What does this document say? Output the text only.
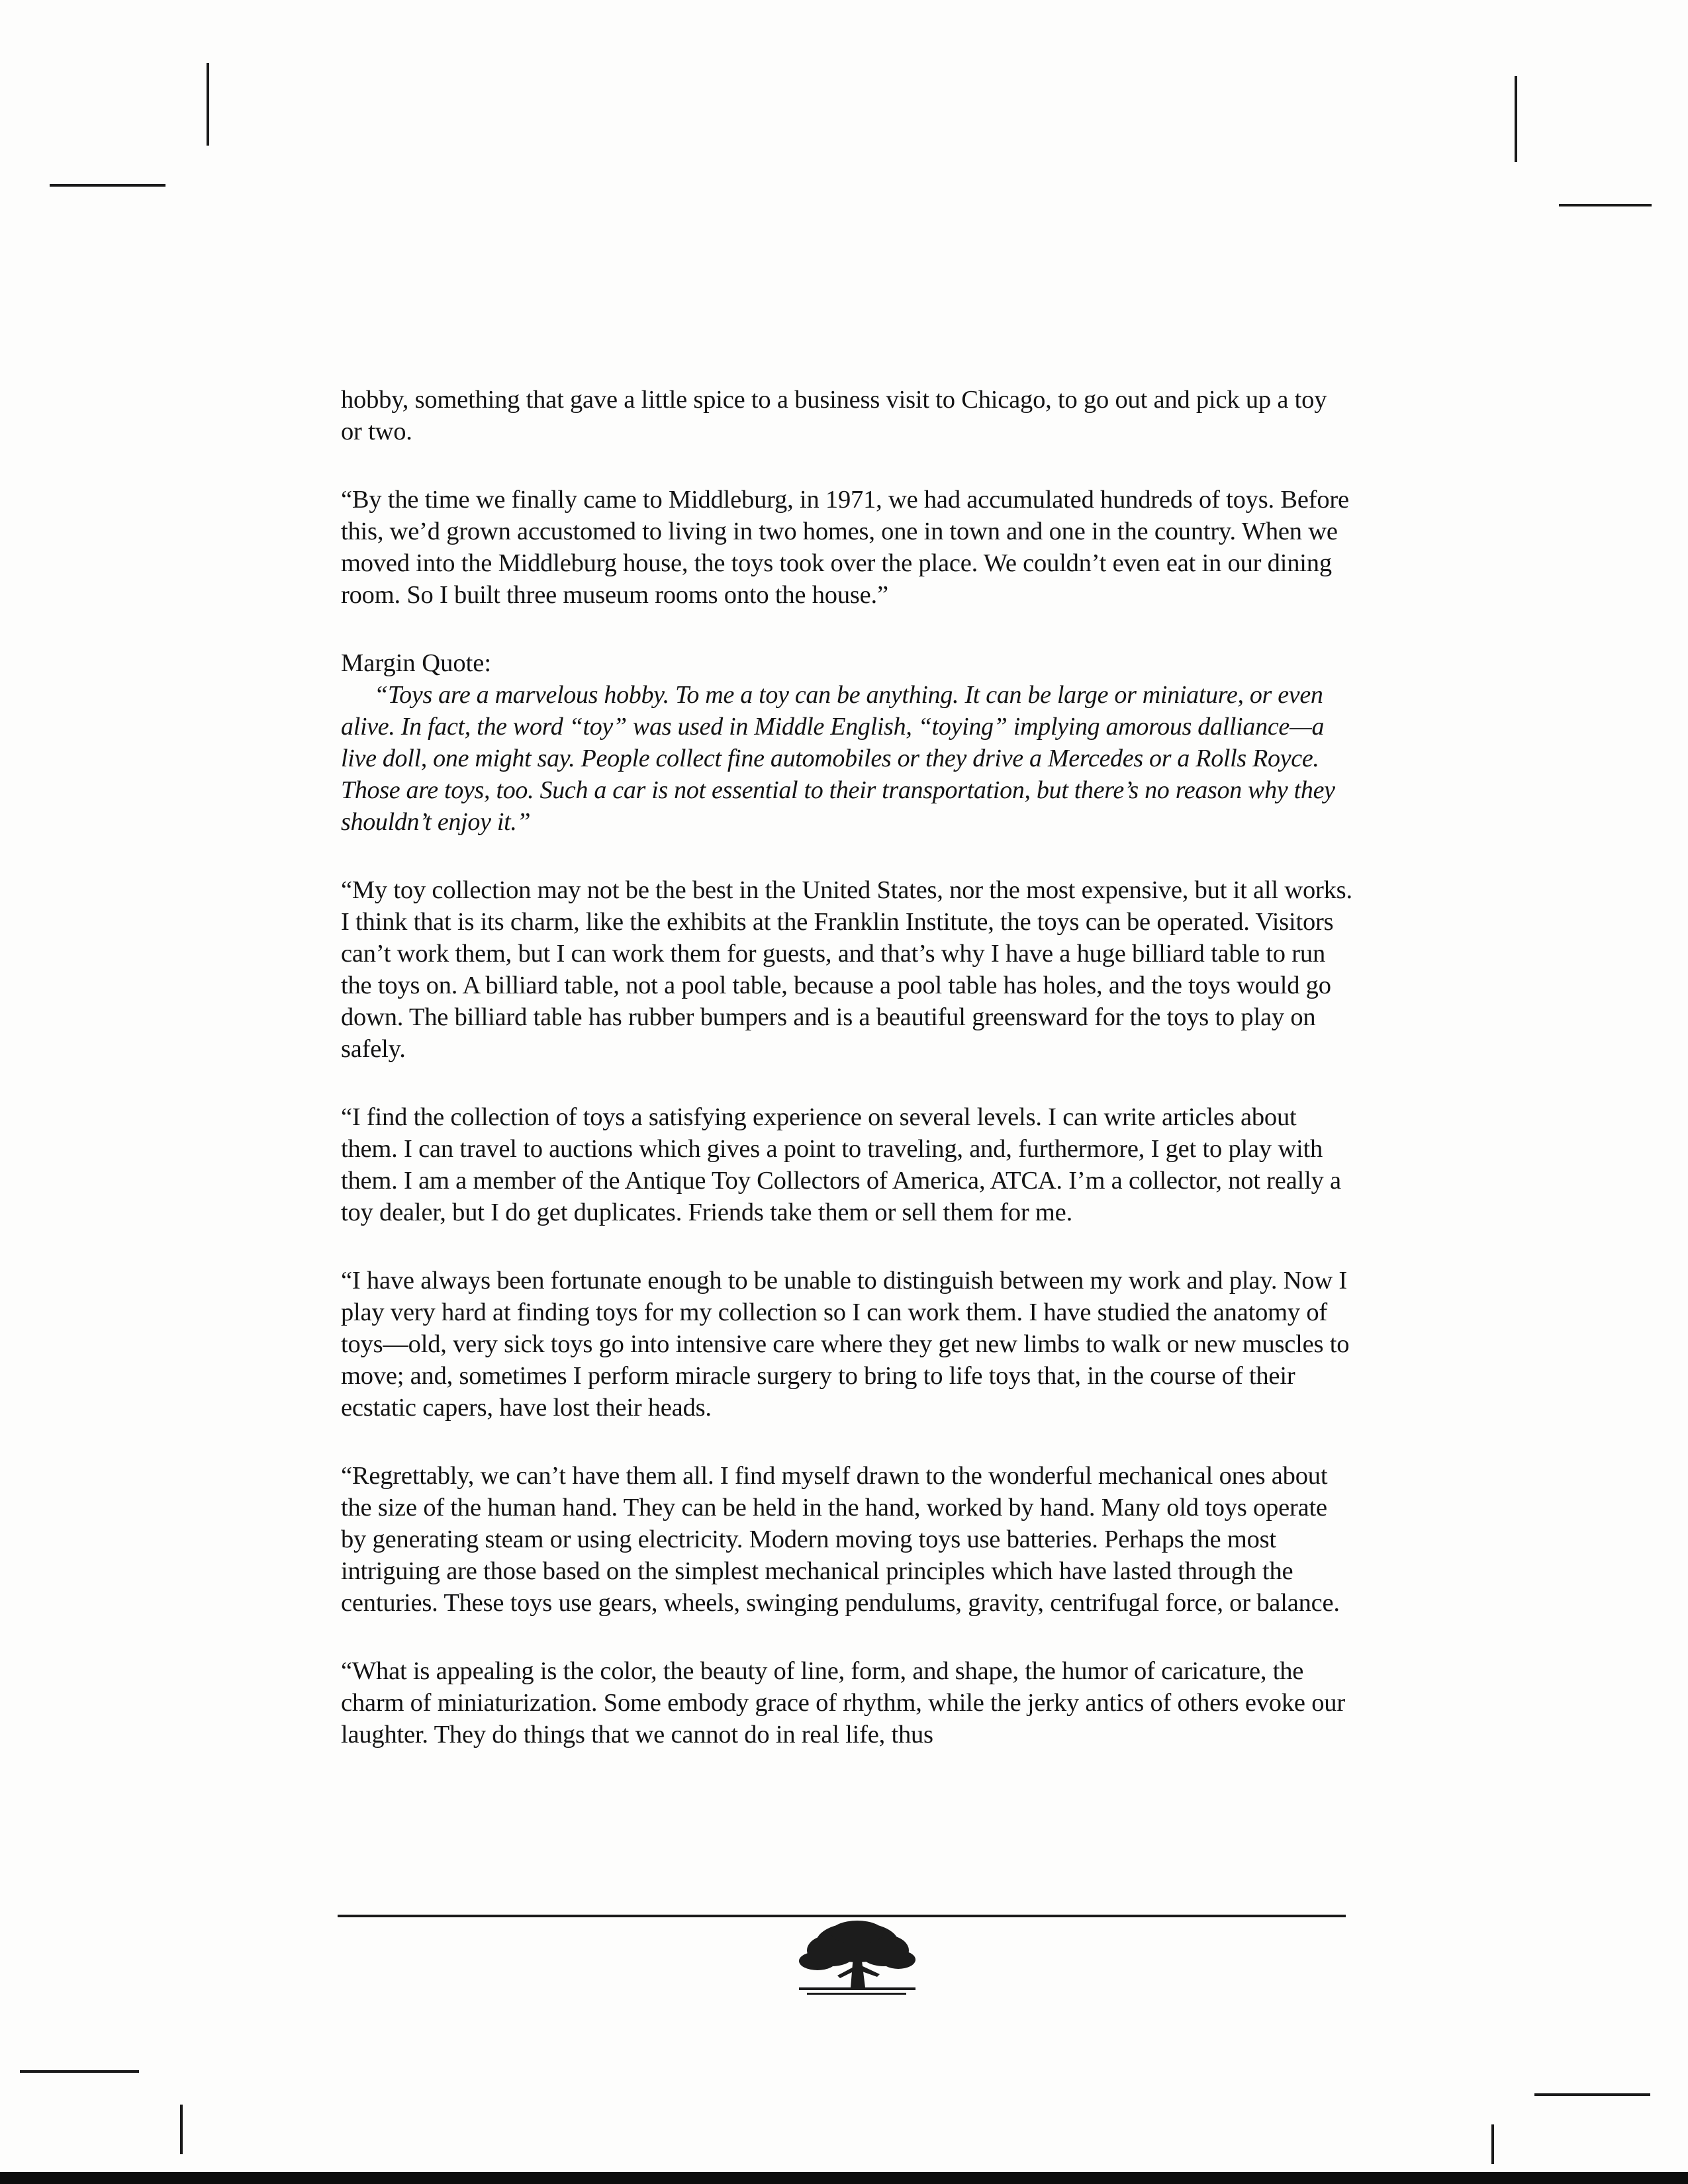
hobby, something that gave a little spice to a business visit to Chicago, to go out and pick up a toy or two.

“By the time we finally came to Middleburg, in 1971, we had accumulated hundreds of toys. Before this, we’d grown accustomed to living in two homes, one in town and one in the country. When we moved into the Middleburg house, the toys took over the place. We couldn’t even eat in our dining room. So I built three museum rooms onto the house.”

Margin Quote:

“Toys are a marvelous hobby. To me a toy can be anything. It can be large or miniature, or even alive. In fact, the word “toy” was used in Middle English, “toying” implying amorous dalliance—a live doll, one might say. People collect fine automobiles or they drive a Mercedes or a Rolls Royce. Those are toys, too. Such a car is not essential to their transportation, but there’s no reason why they shouldn’t enjoy it.”

“My toy collection may not be the best in the United States, nor the most expensive, but it all works. I think that is its charm, like the exhibits at the Franklin Institute, the toys can be operated. Visitors can’t work them, but I can work them for guests, and that’s why I have a huge billiard table to run the toys on. A billiard table, not a pool table, because a pool table has holes, and the toys would go down. The billiard table has rubber bumpers and is a beautiful greensward for the toys to play on safely.

“I find the collection of toys a satisfying experience on several levels. I can write articles about them. I can travel to auctions which gives a point to traveling, and, furthermore, I get to play with them. I am a member of the Antique Toy Collectors of America, ATCA. I’m a collector, not really a toy dealer, but I do get duplicates. Friends take them or sell them for me.

“I have always been fortunate enough to be unable to distinguish between my work and play. Now I play very hard at finding toys for my collection so I can work them. I have studied the anatomy of toys—old, very sick toys go into intensive care where they get new limbs to walk or new muscles to move; and, sometimes I perform miracle surgery to bring to life toys that, in the course of their ecstatic capers, have lost their heads.

“Regrettably, we can’t have them all. I find myself drawn to the wonderful mechanical ones about the size of the human hand. They can be held in the hand, worked by hand. Many old toys operate by generating steam or using electricity. Modern moving toys use batteries. Perhaps the most intriguing are those based on the simplest mechanical principles which have lasted through the centuries. These toys use gears, wheels, swinging pendulums, gravity, centrifugal force, or balance.

“What is appealing is the color, the beauty of line, form, and shape, the humor of caricature, the charm of miniaturization. Some embody grace of rhythm, while the jerky antics of others evoke our laughter. They do things that we cannot do in real life, thus
